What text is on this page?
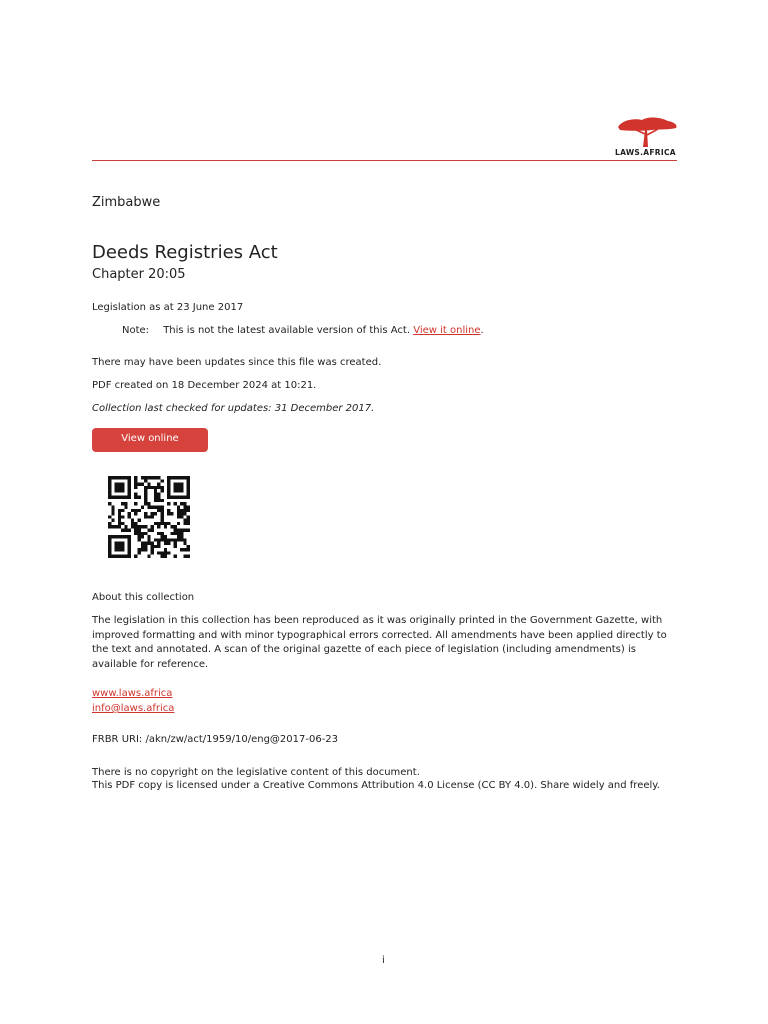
LAWS.AFRICA
Zimbabwe
Deeds Registries Act
Chapter 20:05
Legislation as at 23 June 2017
Note: This is not the latest available version of this Act. View it online.
There may have been updates since this file was created.
PDF created on 18 December 2024 at 10:21.
Collection last checked for updates: 31 December 2017.
View online
About this collection
The legislation in this collection has been reproduced as it was originally printed in the Government Gazette, with improved formatting and with minor typographical errors corrected. All amendments have been applied directly to the text and annotated. A scan of the original gazette of each piece of legislation (including amendments) is available for reference.
www.laws.africa
info@laws.africa
FRBR URI: /akn/zw/act/1959/10/eng@2017-06-23
There is no copyright on the legislative content of this document.
This PDF copy is licensed under a Creative Commons Attribution 4.0 License (CC BY 4.0). Share widely and freely.
i
